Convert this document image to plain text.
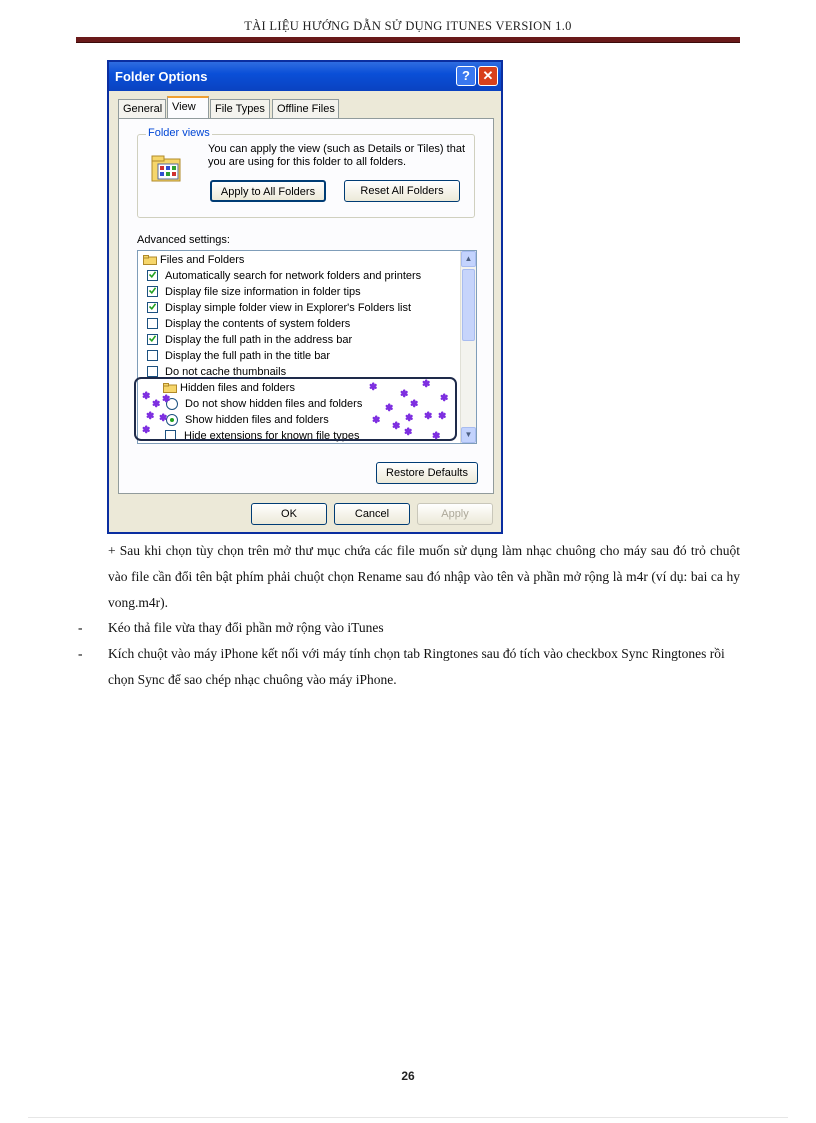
TÀI LIỆU HƯỚNG DẪN SỬ DỤNG ITUNES VERSION 1.0
Folder Options	? ✕
General View	File Types	Offline Files
Folder views
You can apply the view (such as Details or Tiles) that you are using for this folder to all folders.
Apply to All Folders	Reset All Folders
Advanced settings:
Files and Folders
Automatically search for network folders and printers
Display file size information in folder tips
Display simple folder view in Explorer's Folders list
Display the contents of system folders
Display the full path in the address bar
Display the full path in the title bar
Do not cache thumbnails
Hidden files and folders
Do not show hidden files and folders
Show hidden files and folders
Hide extensions for known file types
▲
▼
Restore Defaults
OK	Cancel	Apply
✽
✽ ✽
✽ ✽
✽
✽
✽
✽
✽
✽
✽
✽
✽
✽ ✽ ✽
✽ ✽
+ Sau khi chọn tùy chọn trên mở thư mục chứa các file muốn sử dụng làm nhạc chuông cho máy sau đó trỏ chuột vào file cần đổi tên bật phím phải chuột chọn Rename sau đó nhập vào tên và phần mở rộng là m4r (ví dụ: bai ca hy vong.m4r).
- Kéo thả file vừa thay đổi phần mở rộng vào iTunes
- Kích chuột vào máy iPhone kết nối với máy tính chọn tab Ringtones sau đó tích vào checkbox Sync Ringtones rồi chọn Sync để sao chép nhạc chuông vào máy iPhone.
26
